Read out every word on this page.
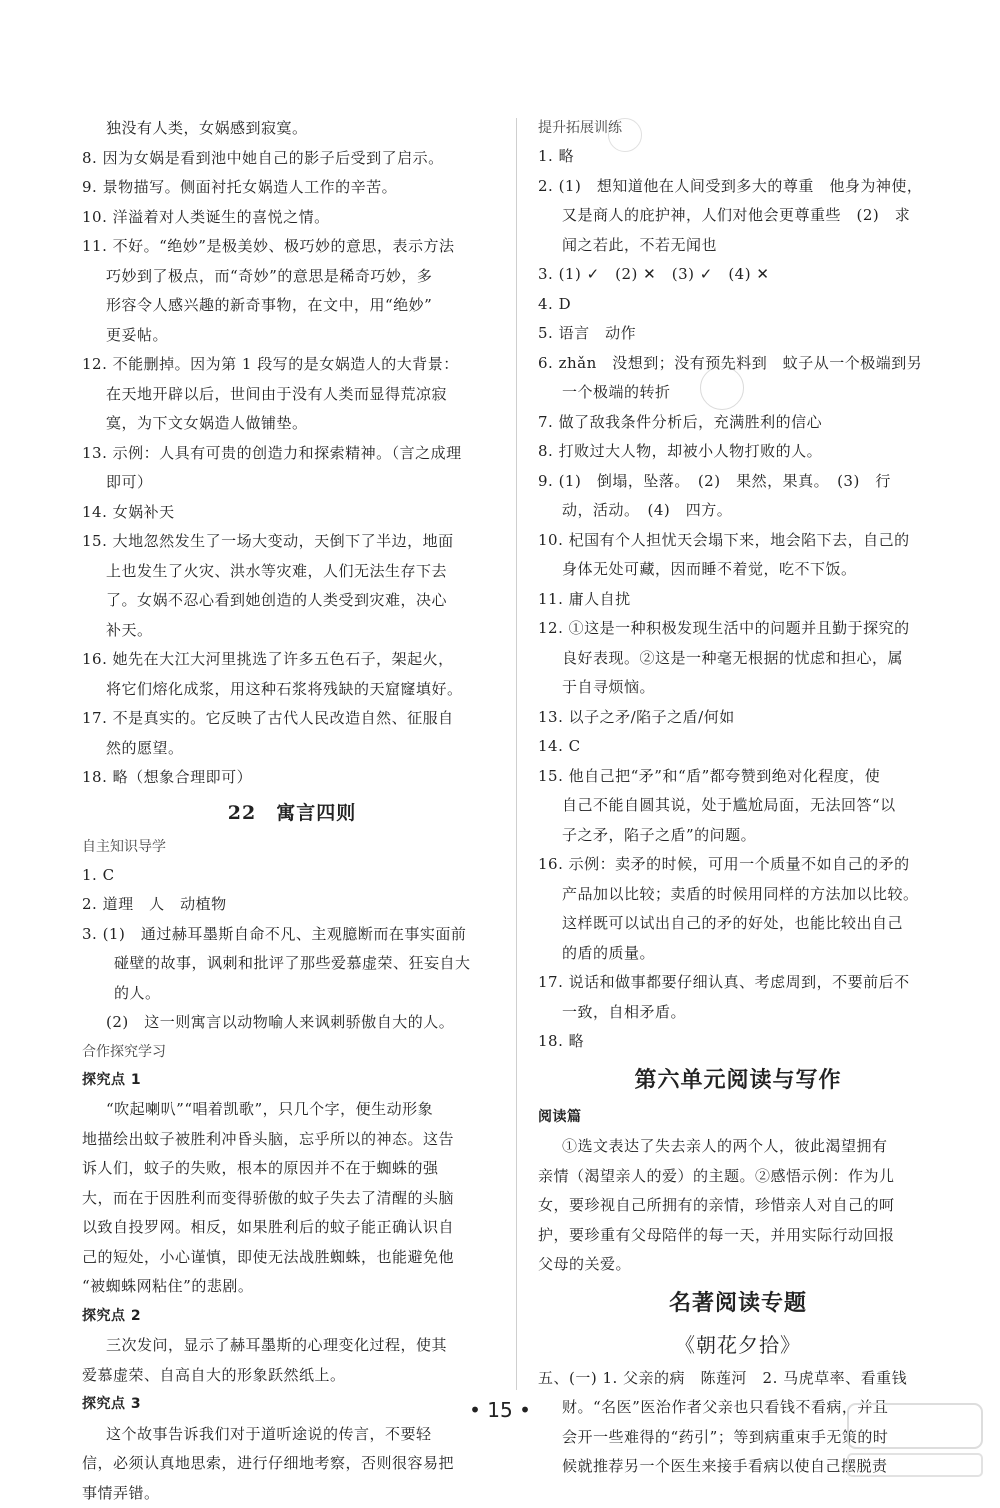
独没有人类，女娲感到寂寞。
8. 因为女娲是看到池中她自己的影子后受到了启示。
9. 景物描写。侧面衬托女娲造人工作的辛苦。
10. 洋溢着对人类诞生的喜悦之情。
11. 不好。“绝妙”是极美妙、极巧妙的意思，表示方法
巧妙到了极点，而“奇妙”的意思是稀奇巧妙，多
形容令人感兴趣的新奇事物，在文中，用“绝妙”
更妥帖。
12. 不能删掉。因为第 1 段写的是女娲造人的大背景：
在天地开辟以后，世间由于没有人类而显得荒凉寂
寞，为下文女娲造人做铺垫。
13. 示例：人具有可贵的创造力和探索精神。（言之成理
即可）
14. 女娲补天
15. 大地忽然发生了一场大变动，天倒下了半边，地面
上也发生了火灾、洪水等灾难，人们无法生存下去
了。女娲不忍心看到她创造的人类受到灾难，决心
补天。
16. 她先在大江大河里挑选了许多五色石子，架起火，
将它们熔化成浆，用这种石浆将残缺的天窟窿填好。
17. 不是真实的。它反映了古代人民改造自然、征服自
然的愿望。
18. 略（想象合理即可）
22　寓言四则
自主知识导学
1. C
2. 道理　人　动植物
3. (1)　通过赫耳墨斯自命不凡、主观臆断而在事实面前
碰壁的故事，讽刺和批评了那些爱慕虚荣、狂妄自大
的人。
(2)　这一则寓言以动物喻人来讽刺骄傲自大的人。
合作探究学习
探究点 1
“吹起喇叭”“唱着凯歌”，只几个字，便生动形象
地描绘出蚊子被胜利冲昏头脑，忘乎所以的神态。这告
诉人们，蚊子的失败，根本的原因并不在于蜘蛛的强
大，而在于因胜利而变得骄傲的蚊子失去了清醒的头脑
以致自投罗网。相反，如果胜利后的蚊子能正确认识自
己的短处，小心谨慎，即使无法战胜蜘蛛，也能避免他
“被蜘蛛网粘住”的悲剧。
探究点 2
三次发问，显示了赫耳墨斯的心理变化过程，使其
爱慕虚荣、自高自大的形象跃然纸上。
探究点 3
这个故事告诉我们对于道听途说的传言，不要轻
信，必须认真地思索，进行仔细地考察，否则很容易把
事情弄错。
提升拓展训练
1. 略
2. (1)　想知道他在人间受到多大的尊重　他身为神使，
又是商人的庇护神，人们对他会更尊重些　(2)　求
闻之若此，不若无闻也
3. (1) ✓　(2) ✕　(3) ✓　(4) ✕
4. D
5. 语言　动作
6. zhǎn　没想到；没有预先料到　蚊子从一个极端到另
一个极端的转折
7. 做了敌我条件分析后，充满胜利的信心
8. 打败过大人物，却被小人物打败的人。
9. (1)　倒塌，坠落。　(2)　果然，果真。　(3)　行
动，活动。　(4)　四方。
10. 杞国有个人担忧天会塌下来，地会陷下去，自己的
身体无处可藏，因而睡不着觉，吃不下饭。
11. 庸人自扰
12. ①这是一种积极发现生活中的问题并且勤于探究的
良好表现。②这是一种毫无根据的忧虑和担心，属
于自寻烦恼。
13. 以子之矛/陷子之盾/何如
14. C
15. 他自己把“矛”和“盾”都夸赞到绝对化程度，使
自己不能自圆其说，处于尴尬局面，无法回答“以
子之矛，陷子之盾”的问题。
16. 示例：卖矛的时候，可用一个质量不如自己的矛的
产品加以比较；卖盾的时候用同样的方法加以比较。
这样既可以试出自己的矛的好处，也能比较出自己
的盾的质量。
17. 说话和做事都要仔细认真、考虑周到，不要前后不
一致，自相矛盾。
18. 略
第六单元阅读与写作
阅读篇
①选文表达了失去亲人的两个人，彼此渴望拥有
亲情（渴望亲人的爱）的主题。②感悟示例：作为儿
女，要珍视自己所拥有的亲情，珍惜亲人对自己的呵
护，要珍重有父母陪伴的每一天，并用实际行动回报
父母的关爱。
名著阅读专题
《朝花夕拾》
五、(一) 1. 父亲的病　陈莲河　2. 马虎草率、看重钱
财。“名医”医治作者父亲也只看钱不看病，并且
会开一些难得的“药引”；等到病重束手无策的时
候就推荐另一个医生来接手看病以使自己摆脱责
• 15 •
